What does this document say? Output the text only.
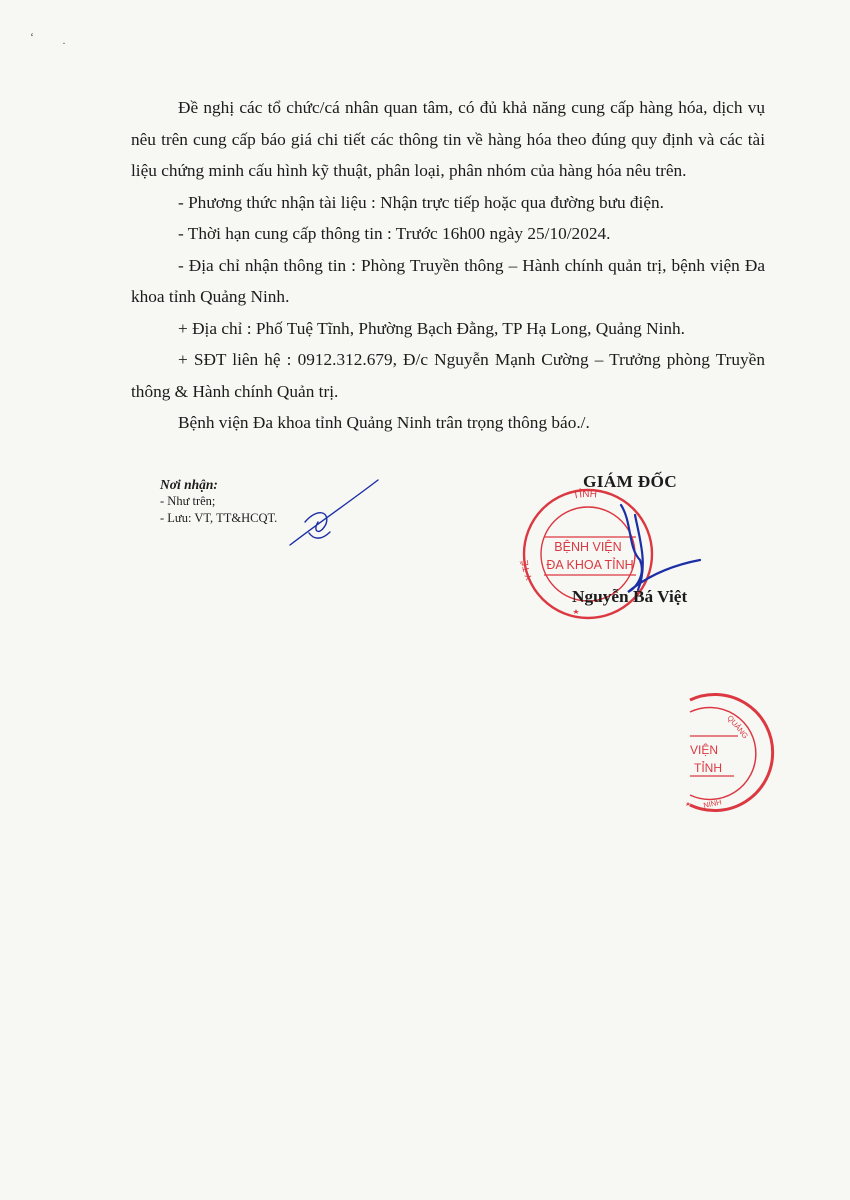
‘ ·

Đề nghị các tổ chức/cá nhân quan tâm, có đủ khả năng cung cấp hàng hóa, dịch vụ nêu trên cung cấp báo giá chi tiết các thông tin về hàng hóa theo đúng quy định và các tài liệu chứng minh cấu hình kỹ thuật, phân loại, phân nhóm của hàng hóa nêu trên.

- Phương thức nhận tài liệu : Nhận trực tiếp hoặc qua đường bưu điện.

- Thời hạn cung cấp thông tin : Trước 16h00 ngày 25/10/2024.

- Địa chỉ nhận thông tin : Phòng Truyền thông – Hành chính quản trị, bệnh viện Đa khoa tỉnh Quảng Ninh.

+ Địa chỉ : Phố Tuệ Tĩnh, Phường Bạch Đằng, TP Hạ Long, Quảng Ninh.

+ SĐT liên hệ : 0912.312.679, Đ/c Nguyễn Mạnh Cường – Trưởng phòng Truyền thông & Hành chính Quản trị.

Bệnh viện Đa khoa tỉnh Quảng Ninh trân trọng thông báo./.

Nơi nhận:
- Như trên;
- Lưu: VT, TT&HCQT.
TỈNH
Y TẾ
BỆNH VIỆN
ĐA KHOA TỈNH
VIỆN
TỈNH
QUẢNG
NINH
GIÁM ĐỐC
Nguyễn Bá Việt
